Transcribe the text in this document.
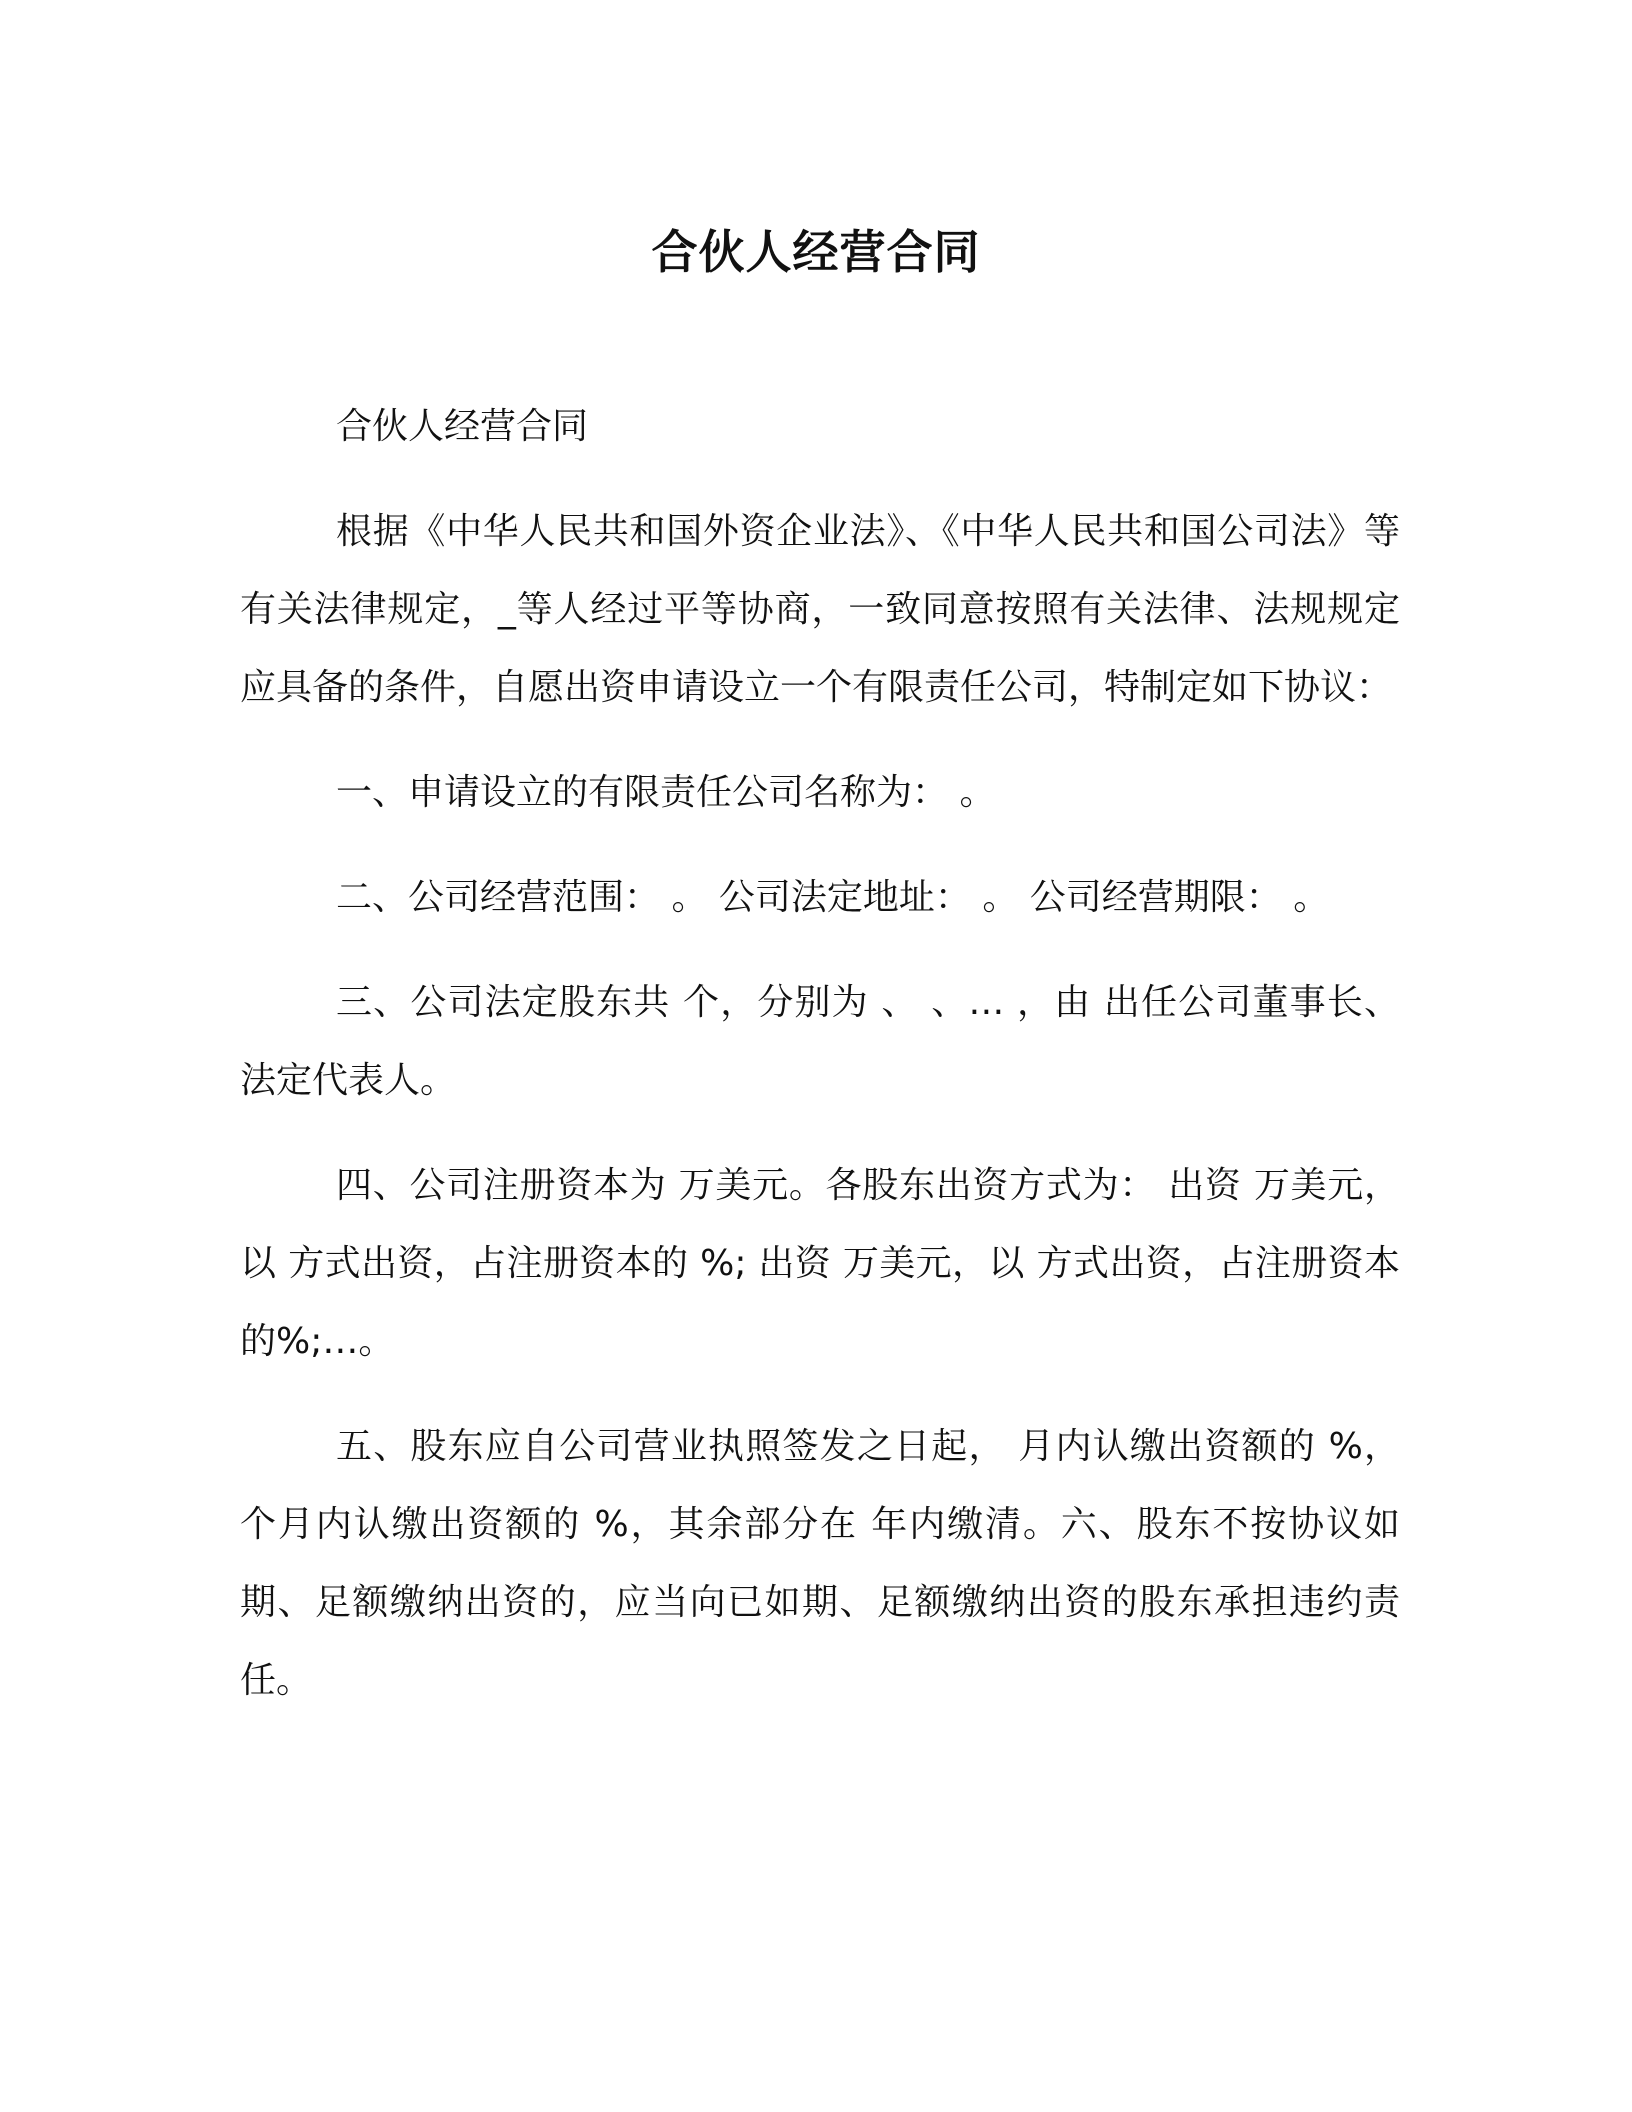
合伙人经营合同

合伙人经营合同

根据《中华人民共和国外资企业法》、《中华人民共和国公司法》等有关法律规定，_等人经过平等协商，一致同意按照有关法律、法规规定应具备的条件，自愿出资申请设立一个有限责任公司，特制定如下协议：

一、申请设立的有限责任公司名称为： 。

二、公司经营范围： 。 公司法定地址： 。 公司经营期限： 。

三、公司法定股东共 个，分别为 、 、… ，由 出任公司董事长、法定代表人。

四、公司注册资本为 万美元。各股东出资方式为： 出资 万美元，以 方式出资，占注册资本的 %; 出资 万美元，以 方式出资，占注册资本的%;…。

五、股东应自公司营业执照签发之日起， 月内认缴出资额的 %，个月内认缴出资额的 %，其余部分在 年内缴清。六、股东不按协议如期、足额缴纳出资的，应当向已如期、足额缴纳出资的股东承担违约责任。
